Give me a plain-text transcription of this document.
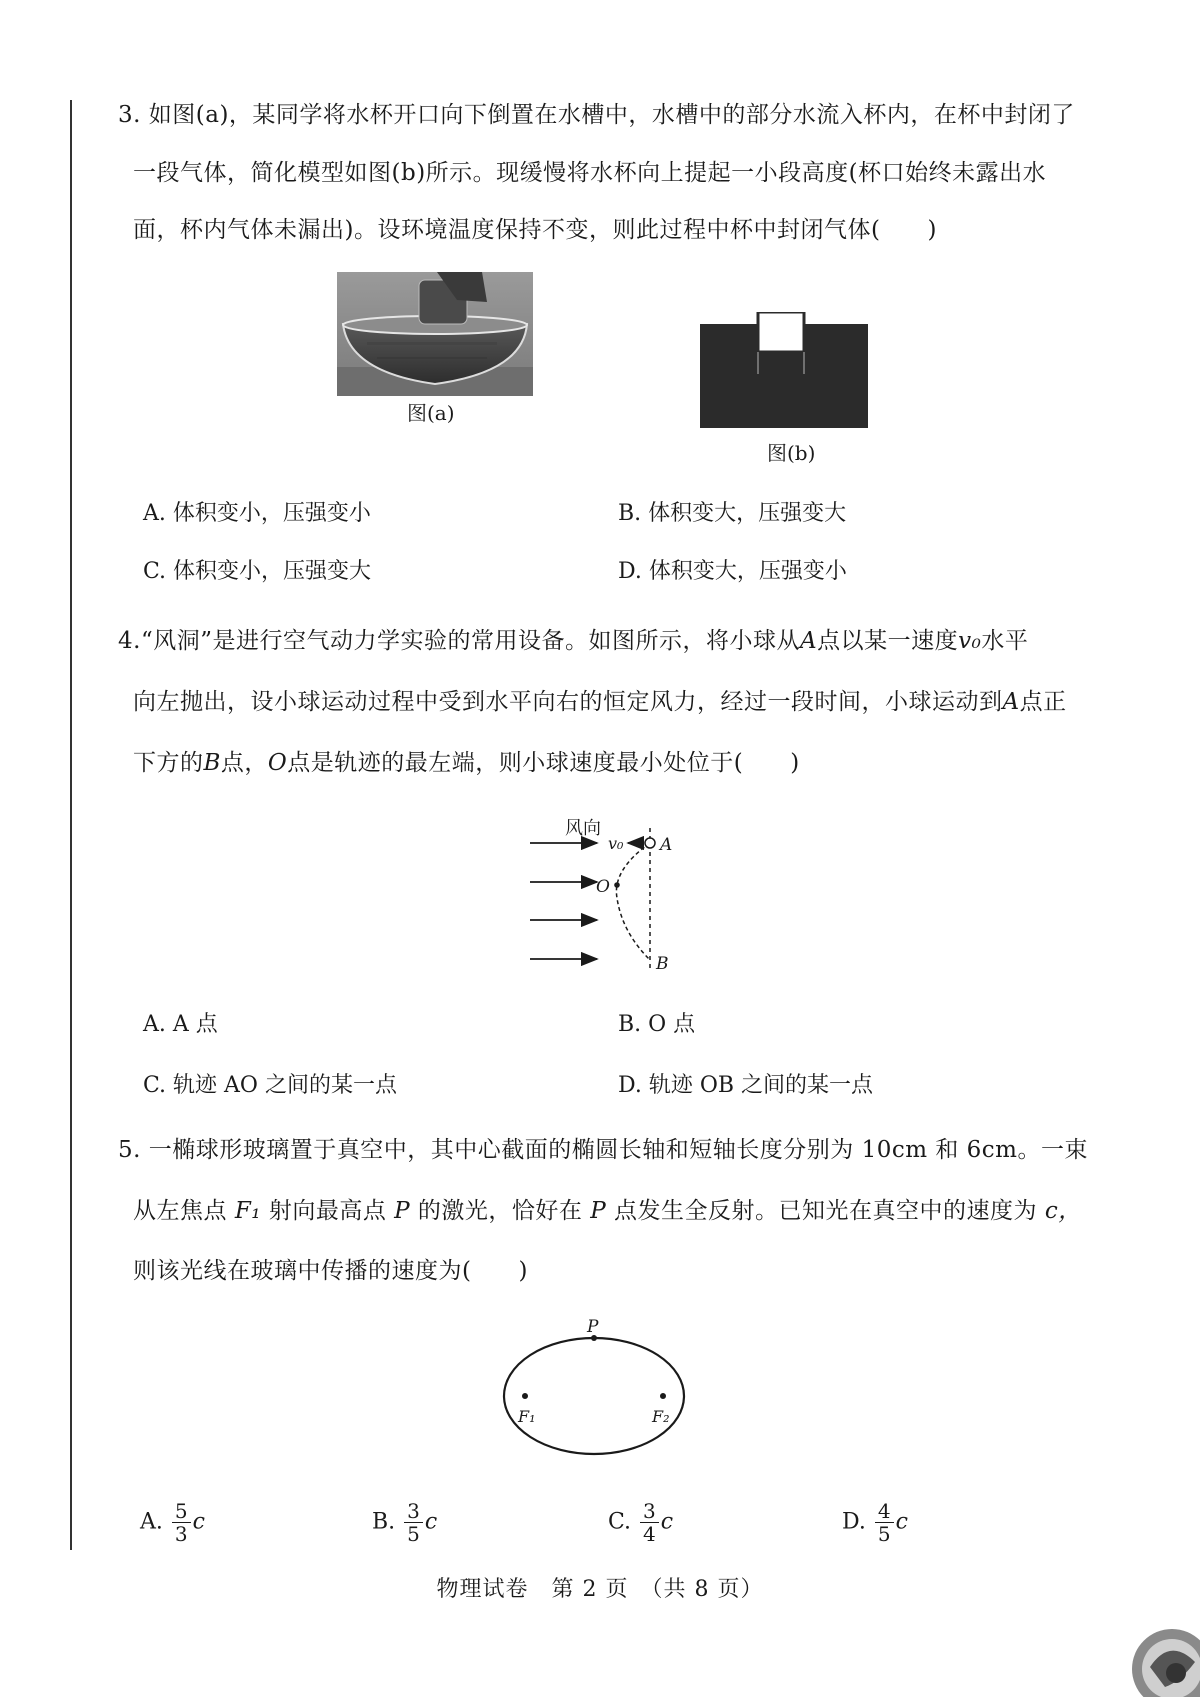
3. 如图(a)，某同学将水杯开口向下倒置在水槽中，水槽中的部分水流入杯内，在杯中封闭了
一段气体，简化模型如图(b)所示。现缓慢将水杯向上提起一小段高度(杯口始终未露出水
面，杯内气体未漏出)。设环境温度保持不变，则此过程中杯中封闭气体(　　)
图(a)
图(b)
A. 体积变小，压强变小	B. 体积变大，压强变大
C. 体积变小，压强变大	D. 体积变大，压强变小
4.“风洞”是进行空气动力学实验的常用设备。如图所示，将小球从A点以某一速度v₀水平
向左抛出，设小球运动过程中受到水平向右的恒定风力，经过一段时间，小球运动到A点正
下方的B点，O点是轨迹的最左端，则小球速度最小处位于(　　)
风向
v₀ A
O
B
A. A 点	B. O 点
C. 轨迹 AO 之间的某一点	D. 轨迹 OB 之间的某一点
5. 一椭球形玻璃置于真空中，其中心截面的椭圆长轴和短轴长度分别为 10cm 和 6cm。一束
从左焦点 F₁ 射向最高点 P 的激光，恰好在 P 点发生全反射。已知光在真空中的速度为 c，
则该光线在玻璃中传播的速度为(　　)
P
F₁	F₂
A. $\frac{5}{3}$ c	B. $\frac{3}{5}$ c	C. $\frac{3}{4}$ c	D. $\frac{4}{5}$ c
物理试卷　第 2 页　（共 8 页）
